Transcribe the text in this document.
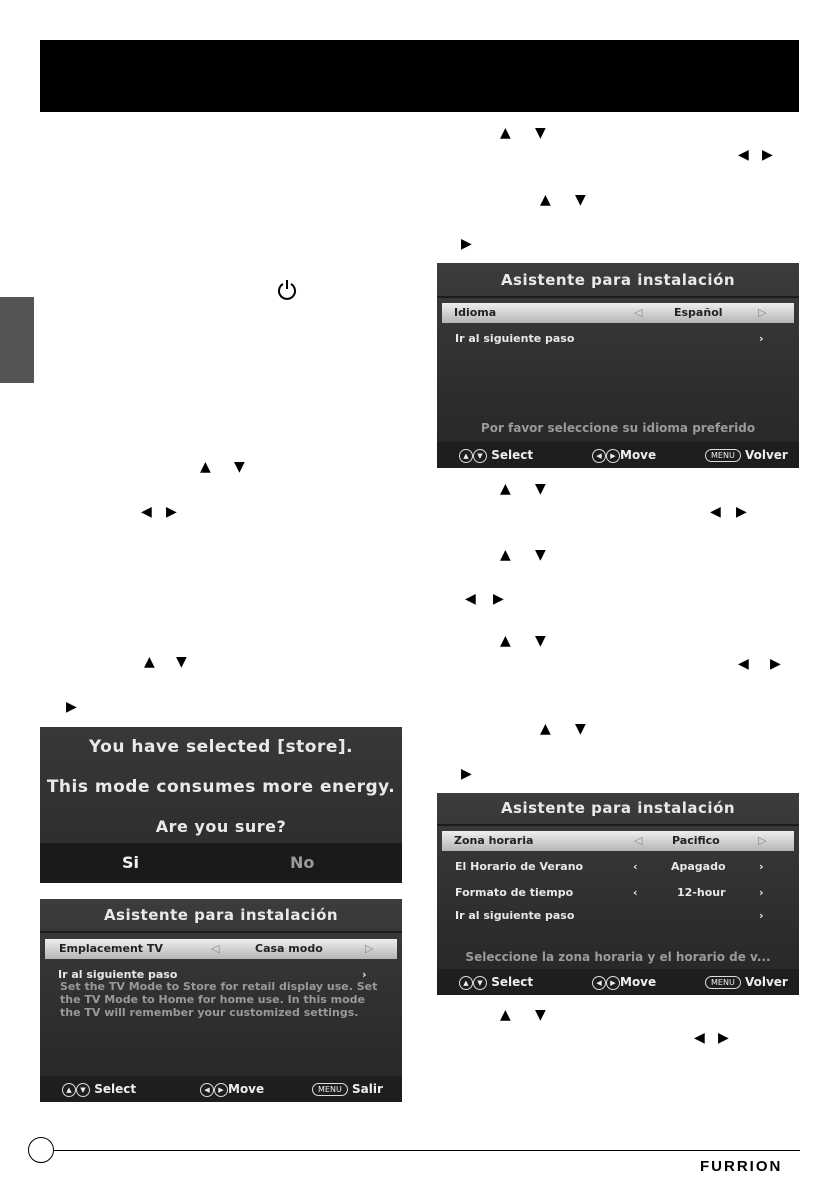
▲ ▼
◀ ▶
▲ ▼
▶
▲ ▼
◀ ▶
▲ ▼
▶
▲ ▼
◀ ▶
▲ ▼
◀ ▶
▲ ▼
◀ ▶
▲ ▼
▶
▲ ▼
◀ ▶
You have selected [store].
This mode consumes more energy.
Are you sure?
Si	No
Asistente para instalación
Emplacement TV	◁	Casa modo	▷
Ir al siguiente paso	›
Set the TV Mode to Store for retail display use. Set the TV Mode to Home for home use. In this mode the TV will remember your customized settings.
▲ ▼ Select	◀ ▶ Move	MENU Salir
Asistente para instalación
Idioma	◁	Español	▷
Ir al siguiente paso	›
Por favor seleccione su idioma preferido
▲ ▼ Select	◀ ▶ Move	MENU Volver
Asistente para instalación
Zona horaria	◁	Pacifico	▷
El Horario de Verano	‹	Apagado	›
Formato de tiempo	‹	12-hour	›
Ir al siguiente paso	›
Seleccione la zona horaria y el horario de v...
▲ ▼ Select	◀ ▶ Move	MENU Volver
FURRION
